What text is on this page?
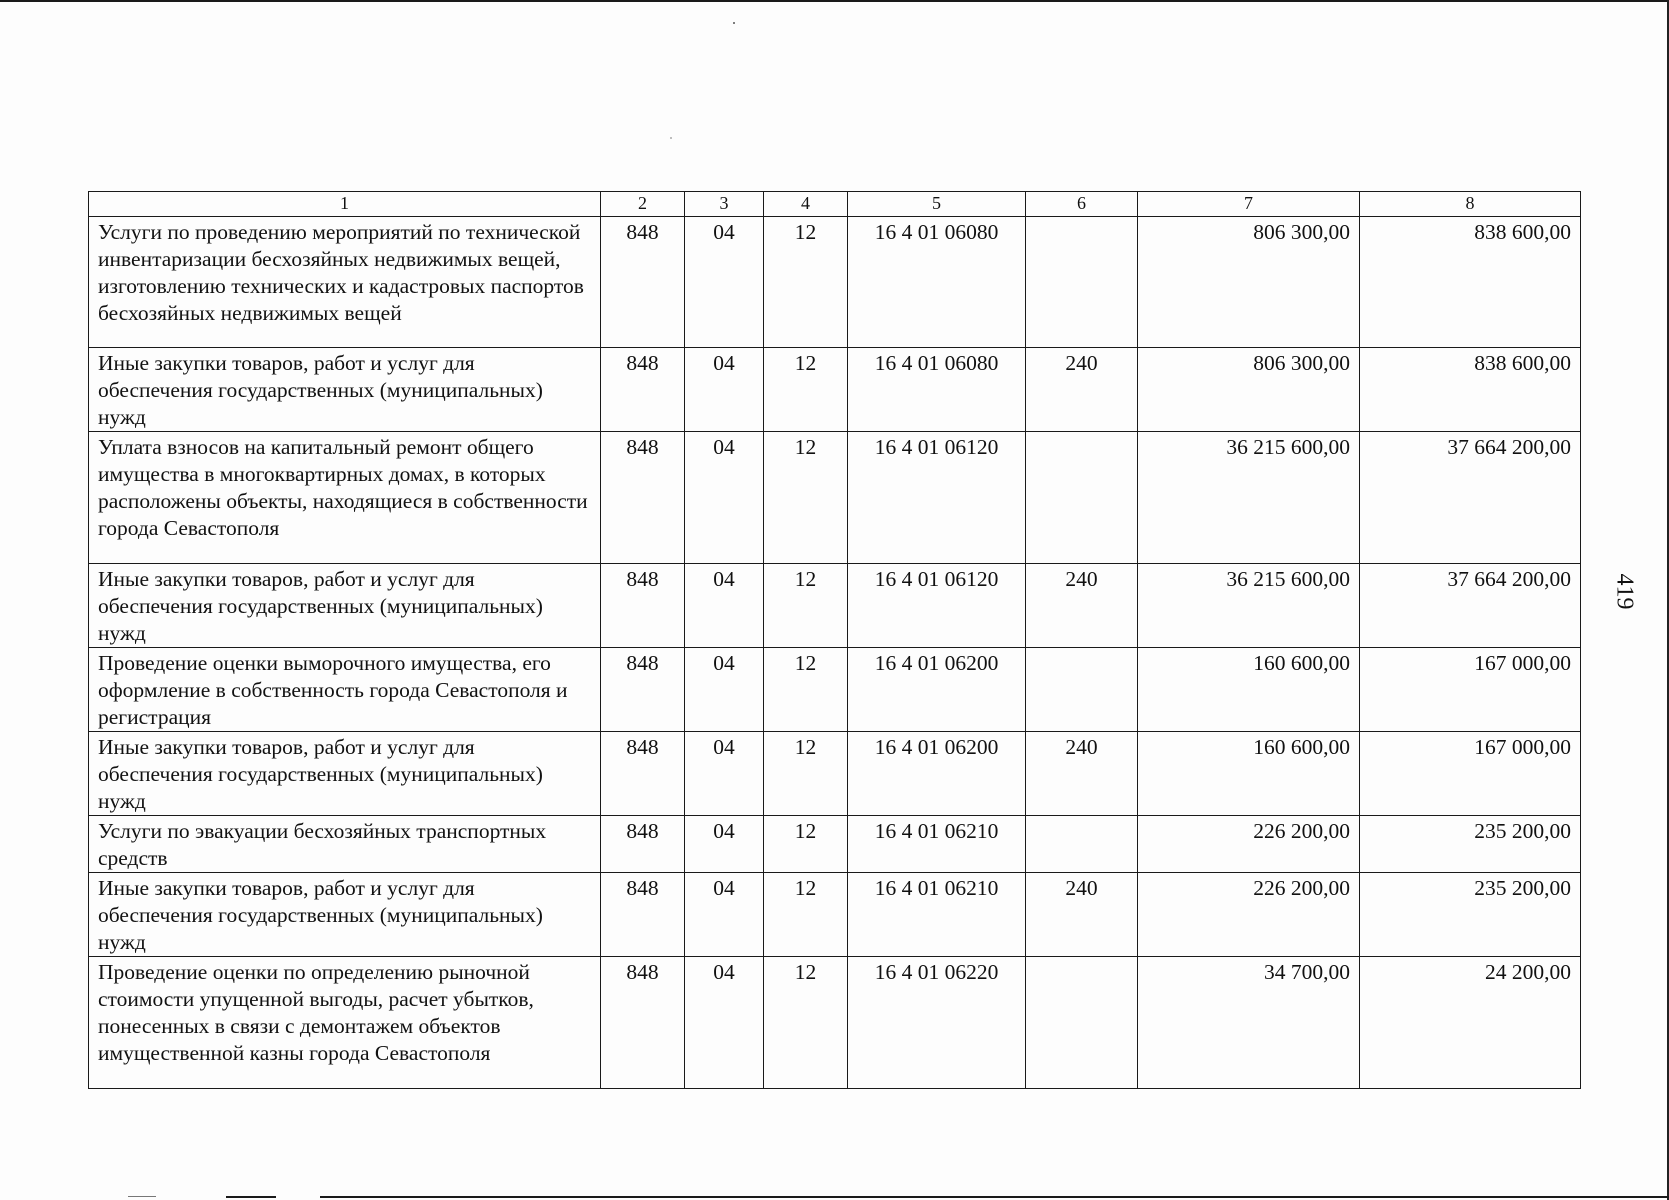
1	2	3	4	5	6	7	8
Услуги по проведению мероприятий по технической инвентаризации бесхозяйных недвижимых вещей, изготовлению технических и кадастровых паспортов бесхозяйных недвижимых вещей	848	04	12	16 4 01 06080		806 300,00	838 600,00
Иные закупки товаров, работ и услуг для обеспечения государственных (муниципальных) нужд	848	04	12	16 4 01 06080	240	806 300,00	838 600,00
Уплата взносов на капитальный ремонт общего имущества в многоквартирных домах, в которых расположены объекты, находящиеся в собственности города Севастополя	848	04	12	16 4 01 06120		36 215 600,00	37 664 200,00
Иные закупки товаров, работ и услуг для обеспечения государственных (муниципальных) нужд	848	04	12	16 4 01 06120	240	36 215 600,00	37 664 200,00
Проведение оценки выморочного имущества, его оформление в собственность города Севастополя и регистрация	848	04	12	16 4 01 06200		160 600,00	167 000,00
Иные закупки товаров, работ и услуг для обеспечения государственных (муниципальных) нужд	848	04	12	16 4 01 06200	240	160 600,00	167 000,00
Услуги по эвакуации бесхозяйных транспортных средств	848	04	12	16 4 01 06210		226 200,00	235 200,00
Иные закупки товаров, работ и услуг для обеспечения государственных (муниципальных) нужд	848	04	12	16 4 01 06210	240	226 200,00	235 200,00
Проведение оценки по определению рыночной стоимости упущенной выгоды, расчет убытков, понесенных в связи с демонтажем объектов имущественной казны города Севастополя	848	04	12	16 4 01 06220		34 700,00	24 200,00
419
